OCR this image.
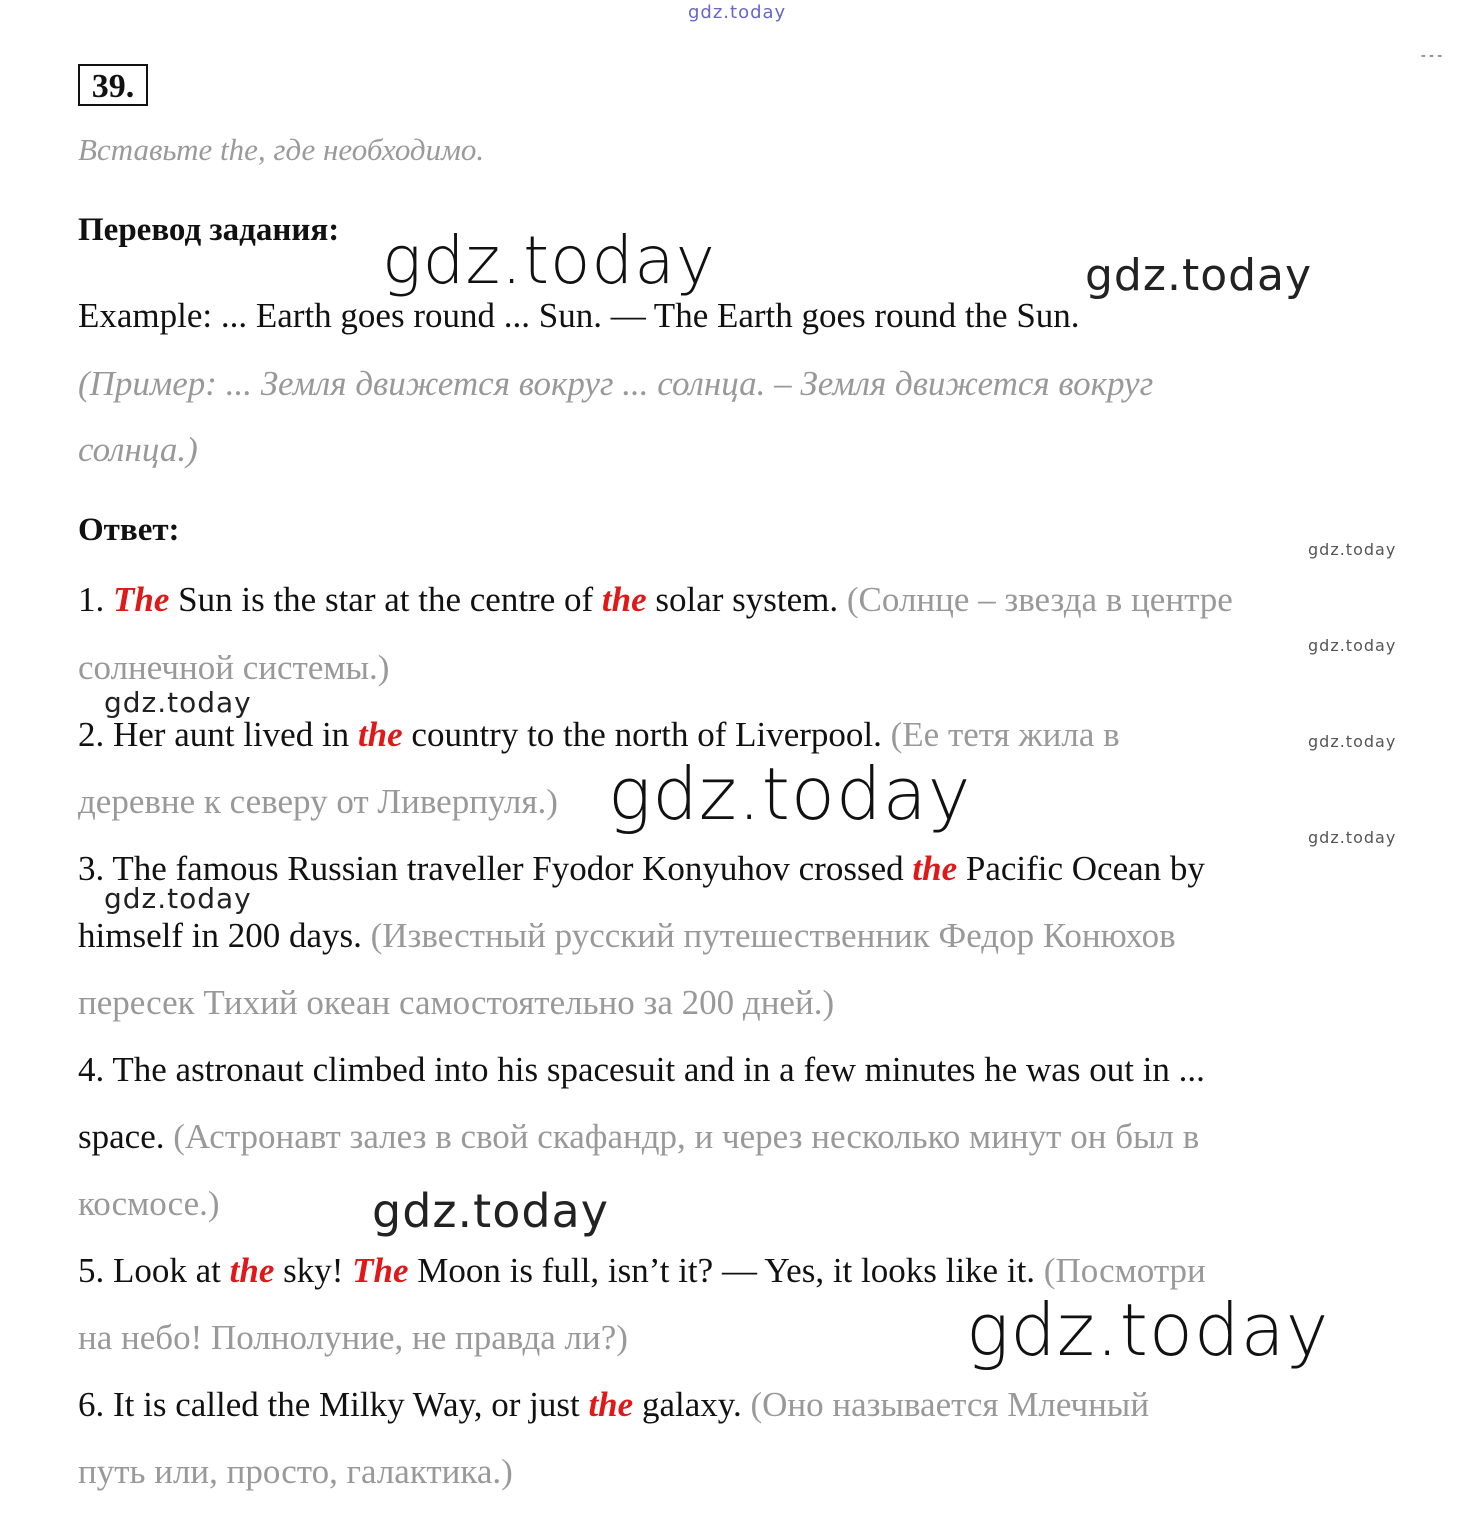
gdz.today
- - -
39.
Вставьте the, где необходимо.
Перевод задания:
Example: ... Earth goes round ... Sun. — The Earth goes round the Sun.
(Пример: ... Земля движется вокруг ... солнца. – Земля движется вокруг
солнца.)
Ответ:
1. The Sun is the star at the centre of the solar system. (Солнце – звезда в центре
солнечной системы.)
2. Her aunt lived in the country to the north of Liverpool. (Ее тетя жила в
деревне к северу от Ливерпуля.)
3. The famous Russian traveller Fyodor Konyuhov crossed the Pacific Ocean by
himself in 200 days. (Известный русский путешественник Федор Конюхов
пересек Тихий океан самостоятельно за 200 дней.)
4. The astronaut climbed into his spacesuit and in a few minutes he was out in ...
space. (Астронавт залез в свой скафандр, и через несколько минут он был в
космосе.)
5. Look at the sky! The Moon is full, isn’t it? — Yes, it looks like it. (Посмотри
на небо! Полнолуние, не правда ли?)
6. It is called the Milky Way, or just the galaxy. (Оно называется Млечный
путь или, просто, галактика.)
gdz.today	gdz.today
gdz.today
gdz.today
gdz.today
gdz.today
gdz.today
gdz.today
gdz.today
gdz.today
gdz.today
